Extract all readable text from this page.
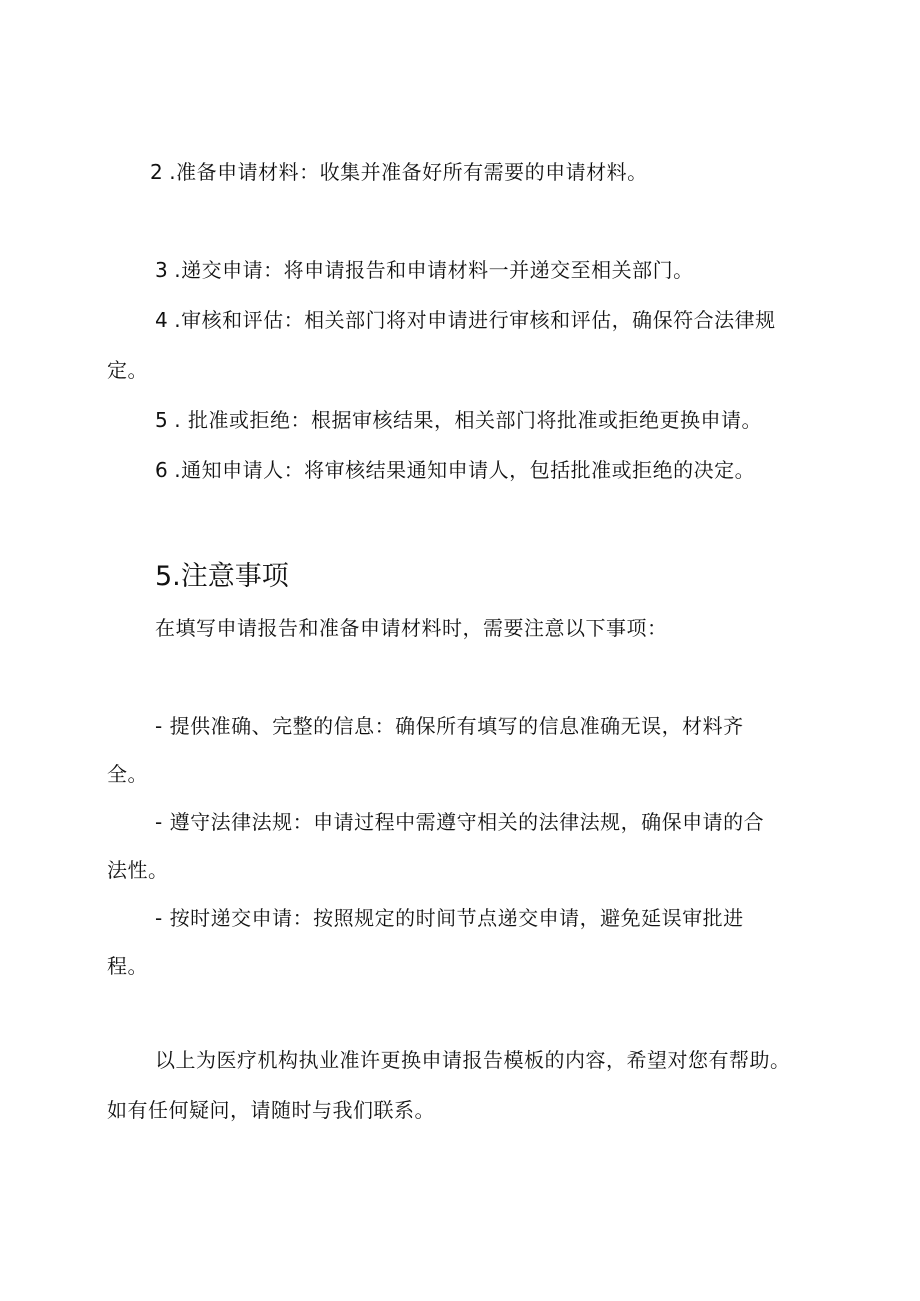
2 .准备申请材料：收集并准备好所有需要的申请材料。
3 .递交申请：将申请报告和申请材料一并递交至相关部门。
4 .审核和评估：相关部门将对申请进行审核和评估，确保符合法律规
定。
5 . 批准或拒绝：根据审核结果，相关部门将批准或拒绝更换申请。
6 .通知申请人：将审核结果通知申请人，包括批准或拒绝的决定。
5.注意事项
在填写申请报告和准备申请材料时，需要注意以下事项：
- 提供准确、完整的信息：确保所有填写的信息准确无误，材料齐
全。
- 遵守法律法规：申请过程中需遵守相关的法律法规，确保申请的合
法性。
- 按时递交申请：按照规定的时间节点递交申请，避免延误审批进
程。
以上为医疗机构执业准许更换申请报告模板的内容，希望对您有帮助。
如有任何疑问，请随时与我们联系。
